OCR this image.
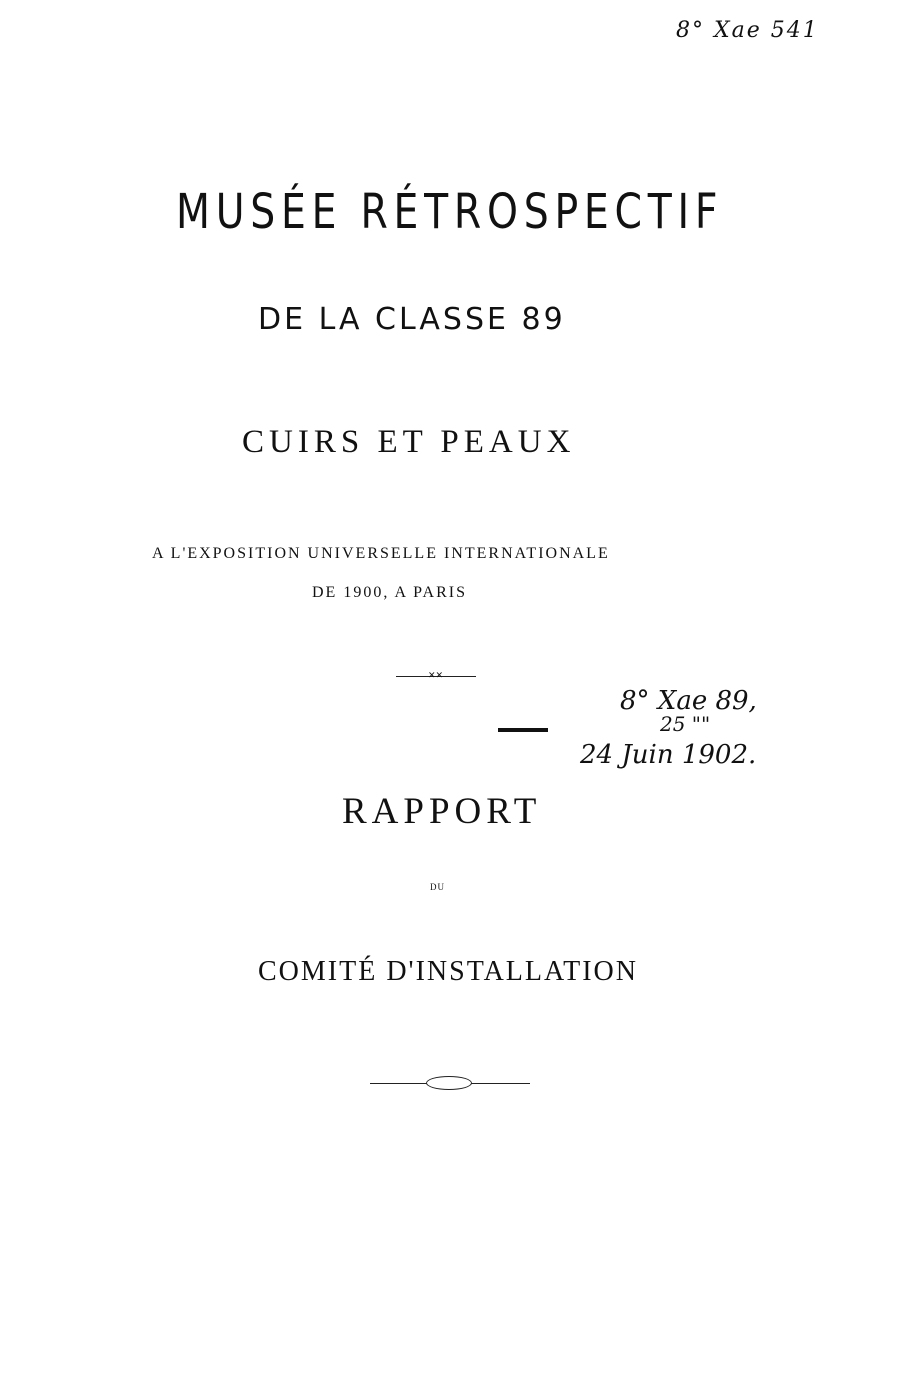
8° Xae 541
MUSÉE RÉTROSPECTIF
DE LA CLASSE 89
CUIRS ET PEAUX
A L'EXPOSITION UNIVERSELLE INTERNATIONALE
DE 1900, A PARIS
✕✕
8° Xae 89,
25 ""
24 Juin 1902.
RAPPORT
DU
COMITÉ D'INSTALLATION
